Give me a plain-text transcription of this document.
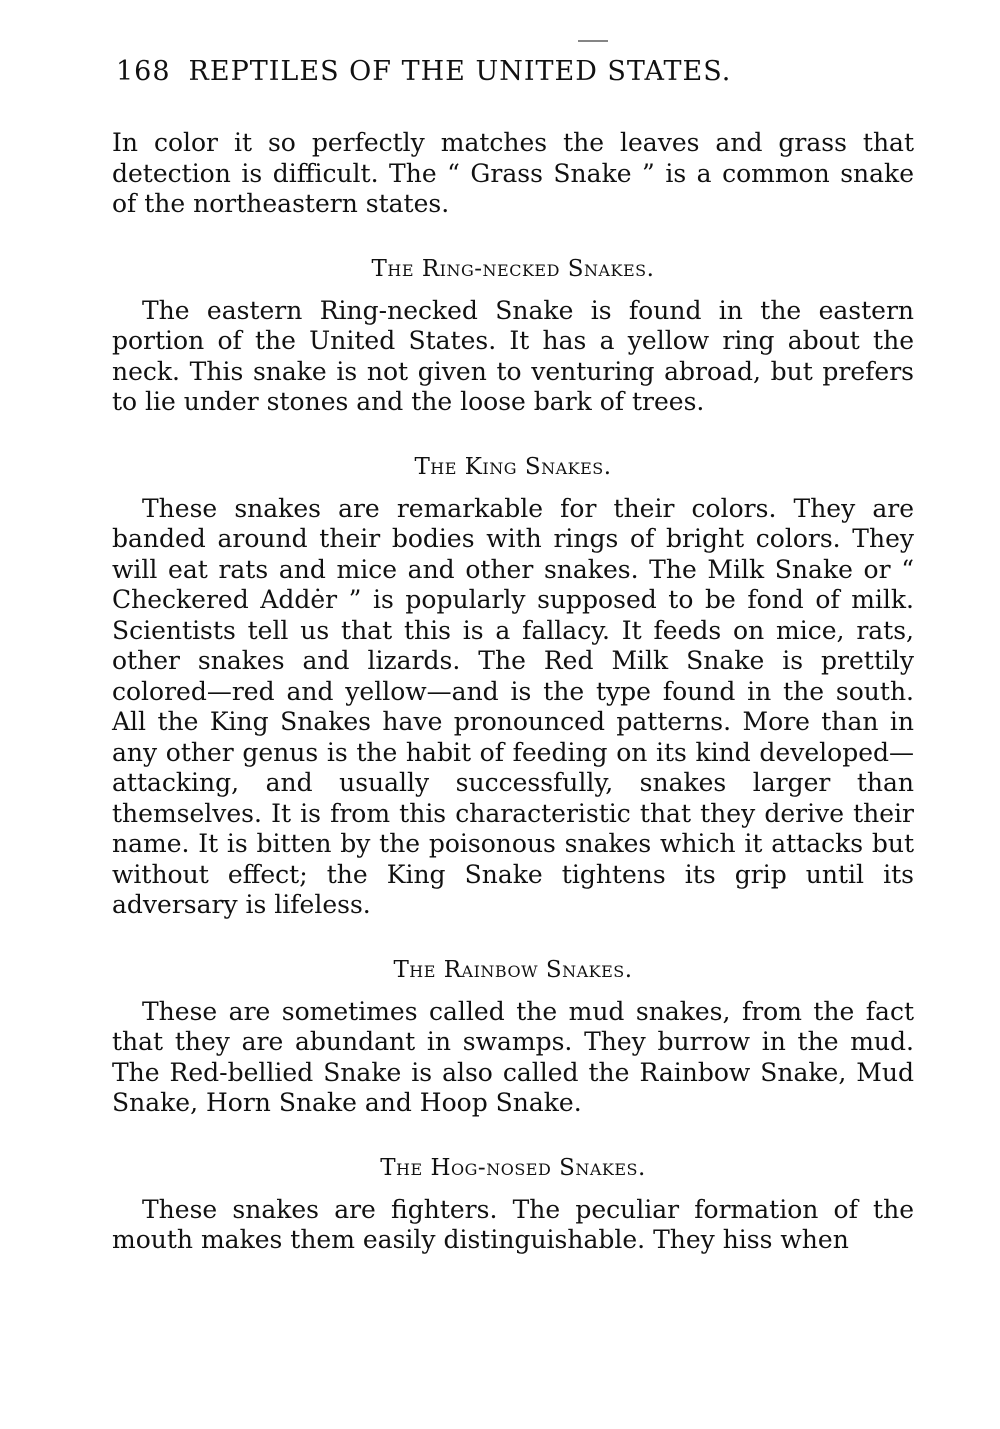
168 REPTILES OF THE UNITED STATES.

In color it so perfectly matches the leaves and grass that detection is difficult. The “ Grass Snake ” is a common snake of the northeastern states.

The Ring-necked Snakes.

The eastern Ring-necked Snake is found in the eastern portion of the United States. It has a yellow ring about the neck. This snake is not given to venturing abroad, but prefers to lie under stones and the loose bark of trees.

The King Snakes.

These snakes are remarkable for their colors. They are banded around their bodies with rings of bright colors. They will eat rats and mice and other snakes. The Milk Snake or “ Checkered Addėr ” is popularly supposed to be fond of milk. Scientists tell us that this is a fallacy. It feeds on mice, rats, other snakes and lizards. The Red Milk Snake is prettily colored—red and yellow—and is the type found in the south. All the King Snakes have pronounced patterns. More than in any other genus is the habit of feeding on its kind developed—attacking, and usually successfully, snakes larger than themselves. It is from this characteristic that they derive their name. It is bitten by the poisonous snakes which it attacks but without effect; the King Snake tightens its grip until its adversary is lifeless.

The Rainbow Snakes.

These are sometimes called the mud snakes, from the fact that they are abundant in swamps. They burrow in the mud. The Red-bellied Snake is also called the Rainbow Snake, Mud Snake, Horn Snake and Hoop Snake.

The Hog-nosed Snakes.

These snakes are fighters. The peculiar formation of the mouth makes them easily distinguishable. They hiss when
